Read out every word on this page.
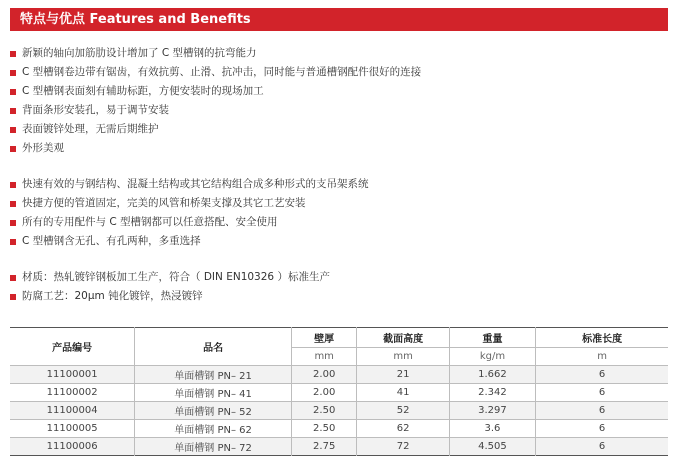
特点与优点 Features and Benefits
新颖的轴向加筋肋设计增加了 C 型槽钢的抗弯能力
C 型槽钢卷边带有锯齿，有效抗剪、止滑、抗冲击，同时能与普通槽钢配件很好的连接
C 型槽钢表面刻有辅助标距，方便安装时的现场加工
背面条形安装孔，易于调节安装
表面镀锌处理，无需后期维护
外形美观
快速有效的与钢结构、混凝土结构或其它结构组合成多种形式的支吊架系统
快捷方便的管道固定，完美的风管和桥架支撑及其它工艺安装
所有的专用配件与 C 型槽钢都可以任意搭配、安全使用
C 型槽钢含无孔、有孔两种，多重选择
材质：热轧镀锌钢板加工生产，符合（ DIN EN10326 ）标准生产
防腐工艺：20μm 钝化镀锌，热浸镀锌
产品编号	品名	壁厚	截面高度	重量	标准长度
		mm	mm	kg/m	m
11100001	单面槽钢 PN– 21	2.00	21	1.662	6
11100002	单面槽钢 PN– 41	2.00	41	2.342	6
11100004	单面槽钢 PN– 52	2.50	52	3.297	6
11100005	单面槽钢 PN– 62	2.50	62	3.6	6
11100006	单面槽钢 PN– 72	2.75	72	4.505	6
